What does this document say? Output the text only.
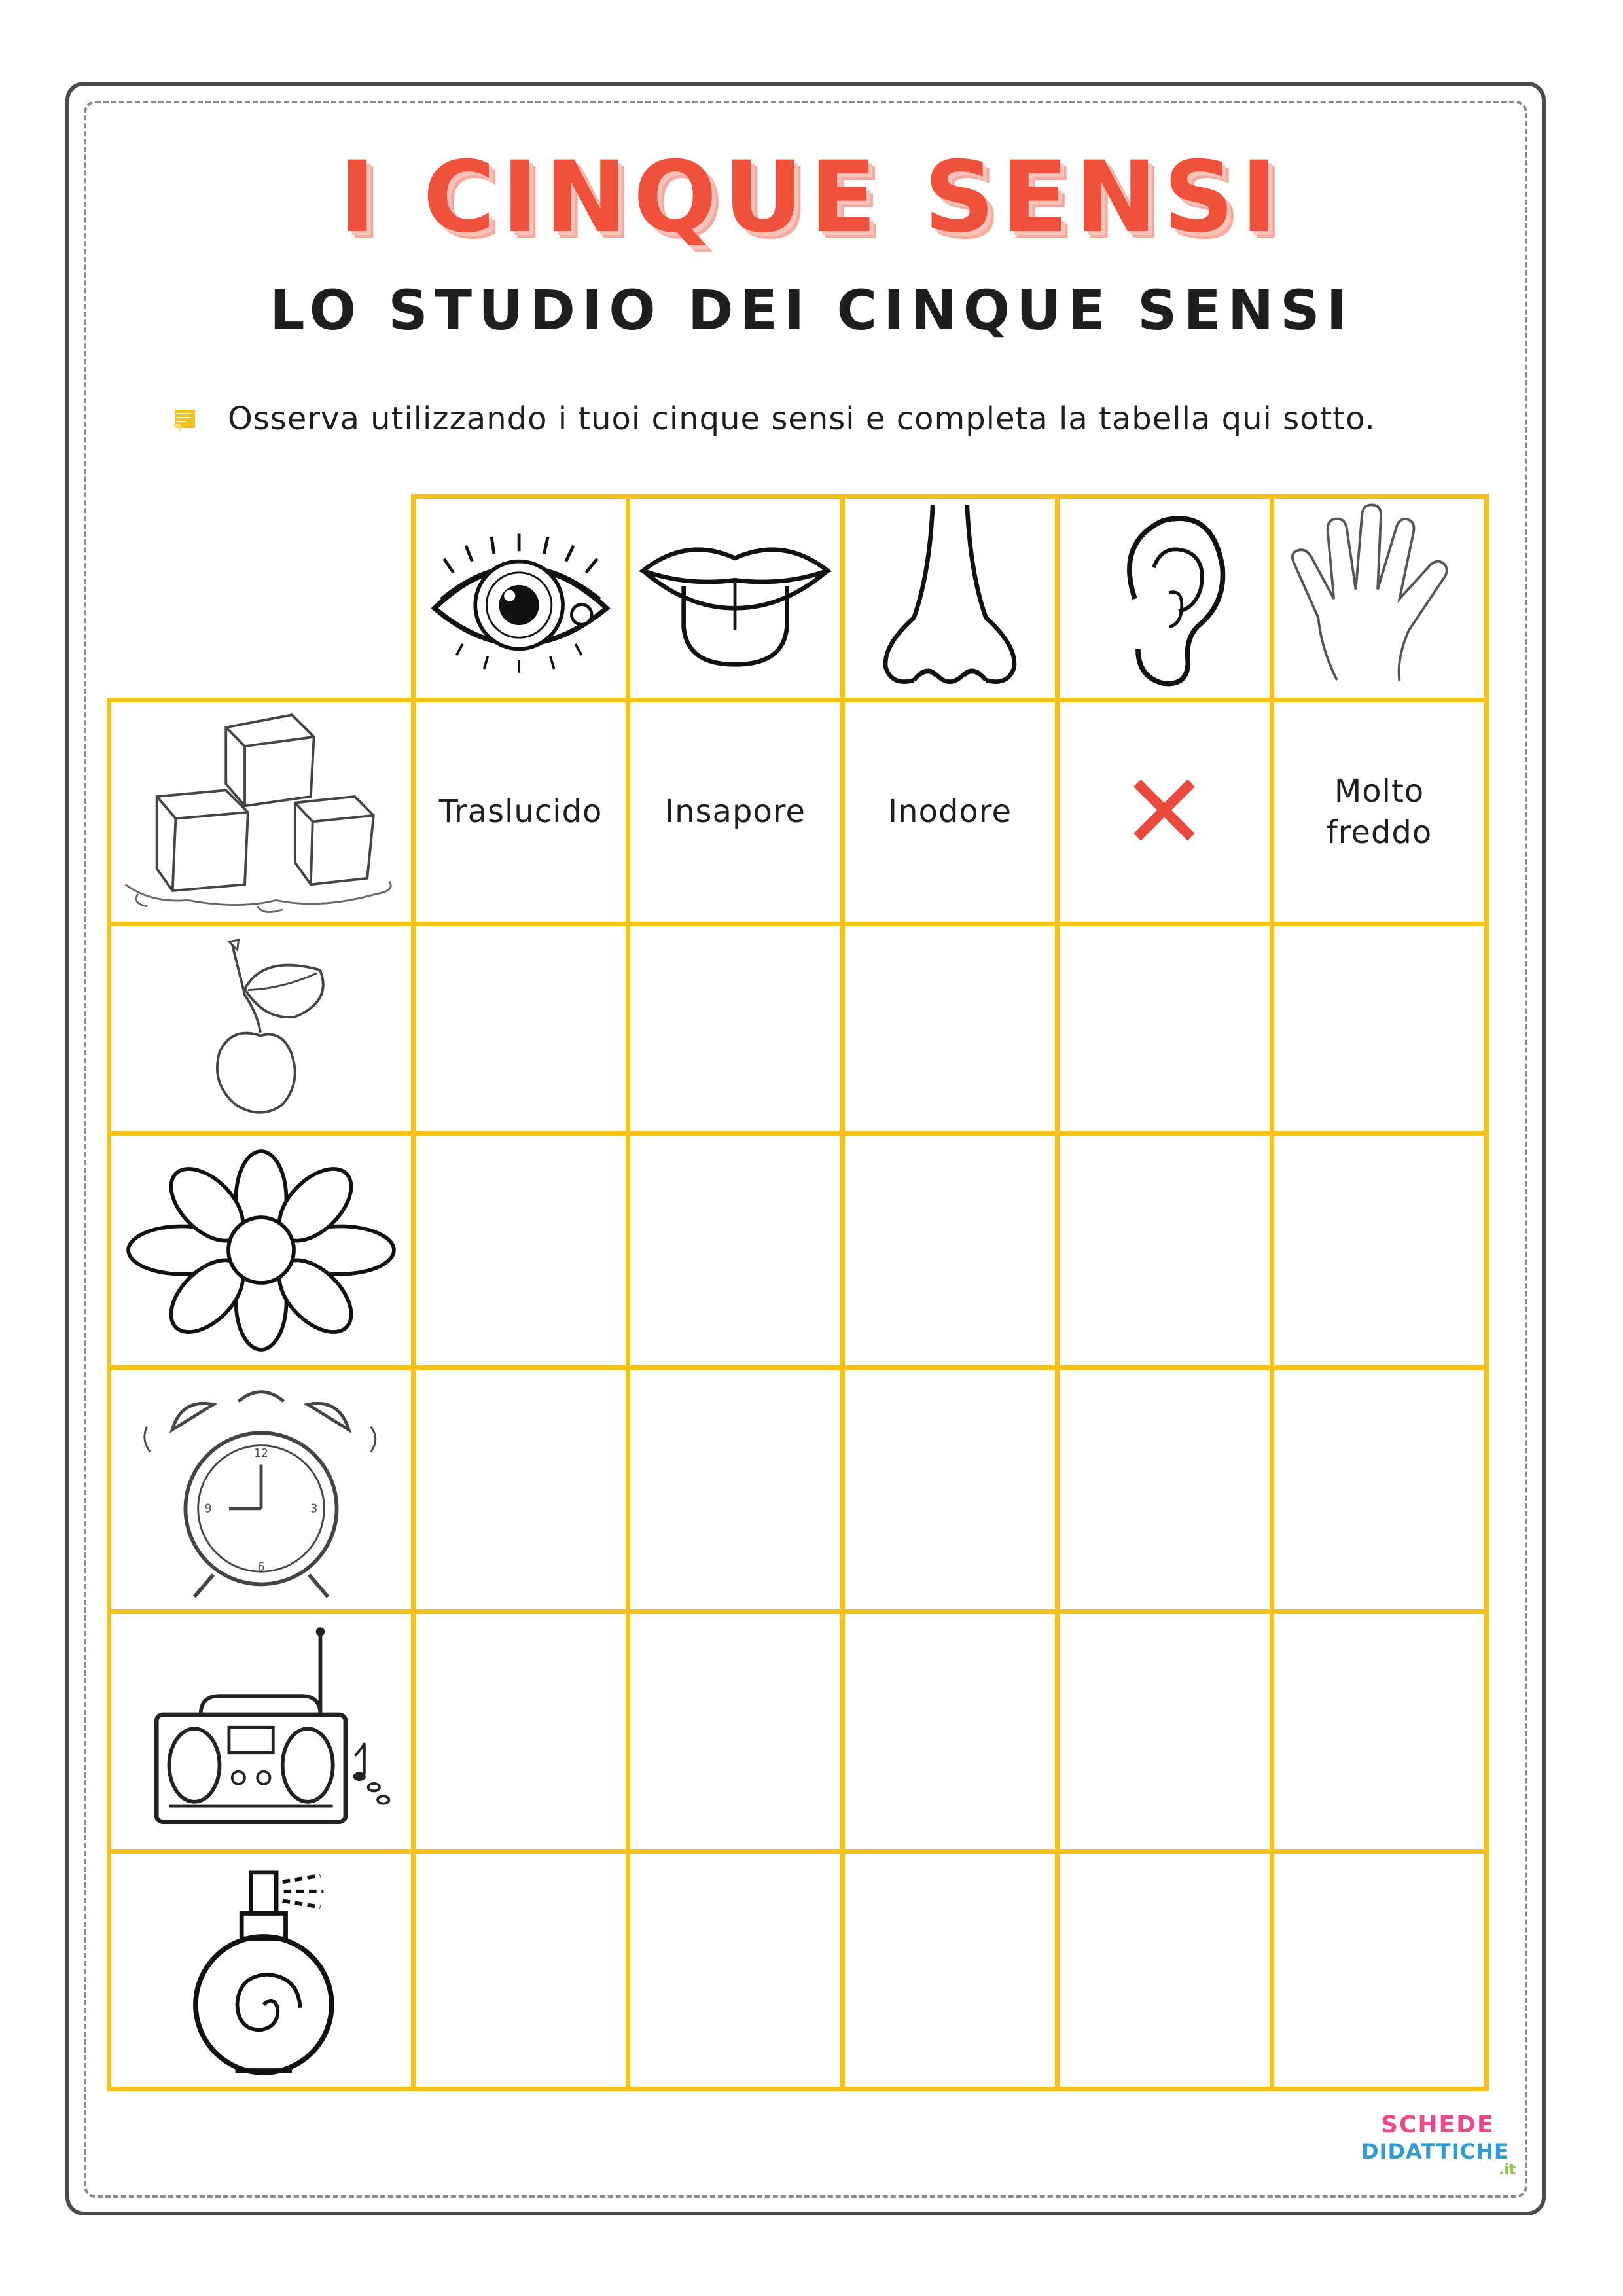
I CINQUE SENSI
LO STUDIO DEI CINQUE SENSI
Osserva utilizzando i tuoi cinque sensi e completa la tabella qui sotto.
Traslucido	Insapore	Inodore	✕	Molto freddo
12
6
9	3
SCHEDE
DIDATTICHE
.it
